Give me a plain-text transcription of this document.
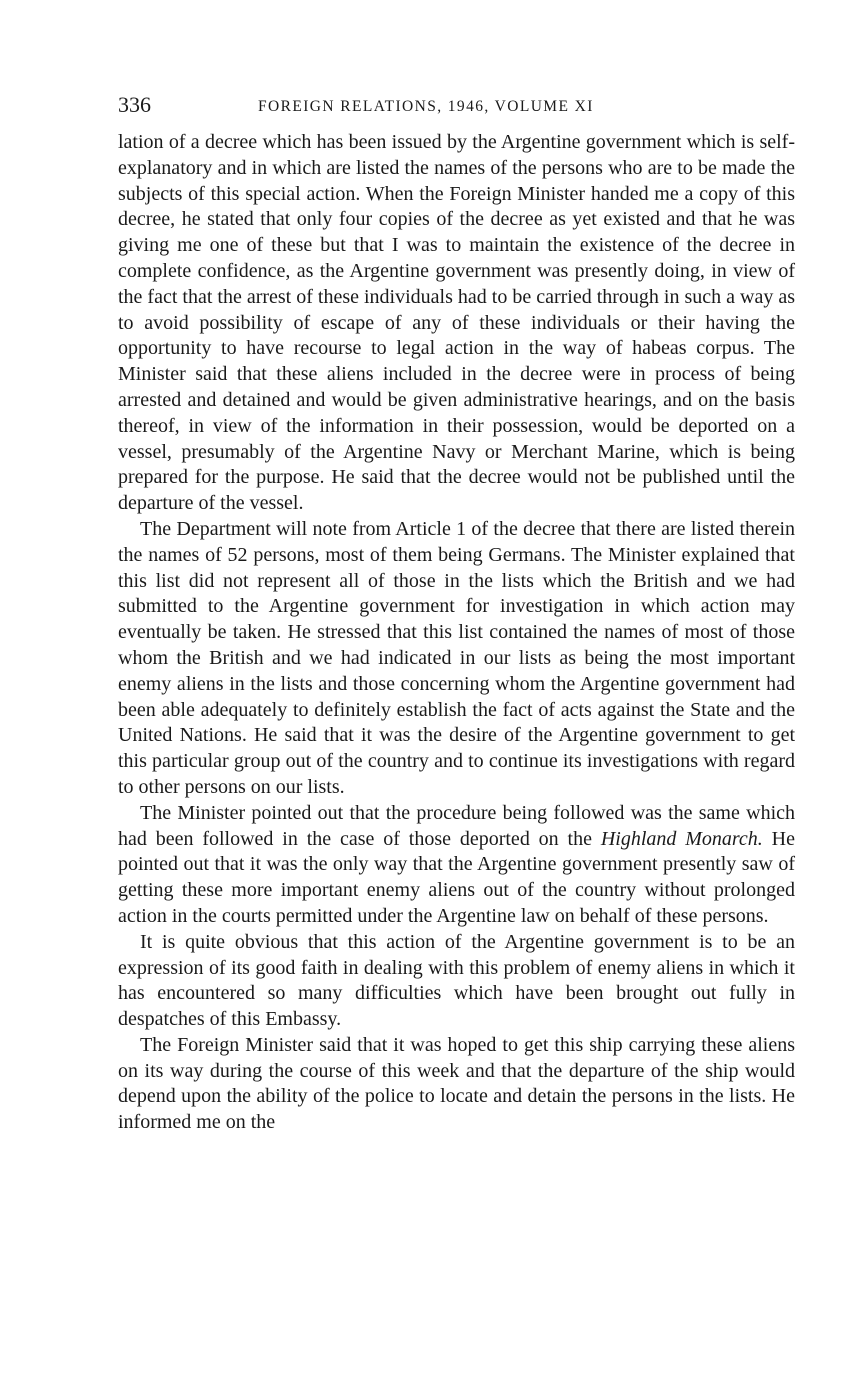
336	FOREIGN RELATIONS, 1946, VOLUME XI

lation of a decree which has been issued by the Argentine government which is self-explanatory and in which are listed the names of the persons who are to be made the subjects of this special action. When the Foreign Minister handed me a copy of this decree, he stated that only four copies of the decree as yet existed and that he was giving me one of these but that I was to maintain the existence of the decree in complete confidence, as the Argentine government was presently doing, in view of the fact that the arrest of these individuals had to be carried through in such a way as to avoid possibility of escape of any of these individuals or their having the opportunity to have recourse to legal action in the way of habeas corpus. The Minister said that these aliens included in the decree were in process of being arrested and detained and would be given administrative hearings, and on the basis thereof, in view of the information in their possession, would be deported on a vessel, presumably of the Argentine Navy or Merchant Marine, which is being prepared for the purpose. He said that the decree would not be published until the departure of the vessel.

The Department will note from Article 1 of the decree that there are listed therein the names of 52 persons, most of them being Germans. The Minister explained that this list did not represent all of those in the lists which the British and we had submitted to the Argentine government for investigation in which action may eventually be taken. He stressed that this list contained the names of most of those whom the British and we had indicated in our lists as being the most important enemy aliens in the lists and those concerning whom the Argentine government had been able adequately to definitely establish the fact of acts against the State and the United Nations. He said that it was the desire of the Argentine government to get this particular group out of the country and to continue its investigations with regard to other persons on our lists.

The Minister pointed out that the procedure being followed was the same which had been followed in the case of those deported on the Highland Monarch. He pointed out that it was the only way that the Argentine government presently saw of getting these more important enemy aliens out of the country without prolonged action in the courts permitted under the Argentine law on behalf of these persons.

It is quite obvious that this action of the Argentine government is to be an expression of its good faith in dealing with this problem of enemy aliens in which it has encountered so many difficulties which have been brought out fully in despatches of this Embassy.

The Foreign Minister said that it was hoped to get this ship carrying these aliens on its way during the course of this week and that the departure of the ship would depend upon the ability of the police to locate and detain the persons in the lists. He informed me on the
